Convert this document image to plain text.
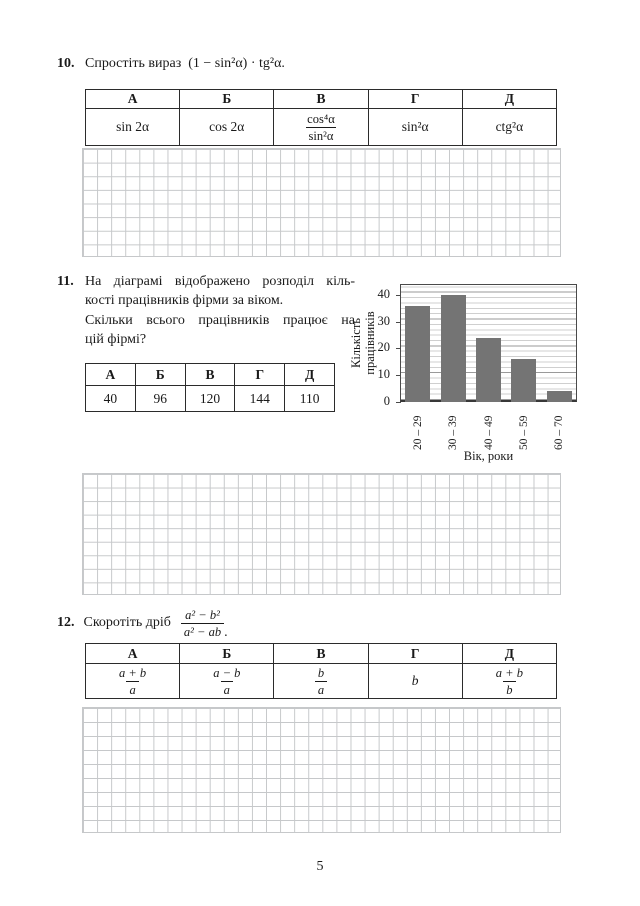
10. Спростіть вираз (1 − sin²α) · tg²α.
А	Б	В	Г	Д
sin 2α	cos 2α	$\frac{\text{cos⁴α}}{\text{sin²α}}$	sin²α	ctg²α
11. На діаграмі відображено розподіл кіль-
кості працівників фірми за віком.
Скільки всього працівників працює на
цій фірмі?
А	Б	В	Г	Д
40	96	120	144	110	0
10
20
30
40
20 – 29 30 – 39 40 – 49 50 – 59 60 – 70
Кількість працівників
Вік, роки
12. Скоротіть дріб $\frac{\text{a² − b²}}{\text{a² − ab}}$ .
А	Б	В	Г	Д

$\frac{a + b}{a}$	$\frac{a - b}{a}$	$\frac{b}{a}$	b	$\frac{a + b}{b}$
5
